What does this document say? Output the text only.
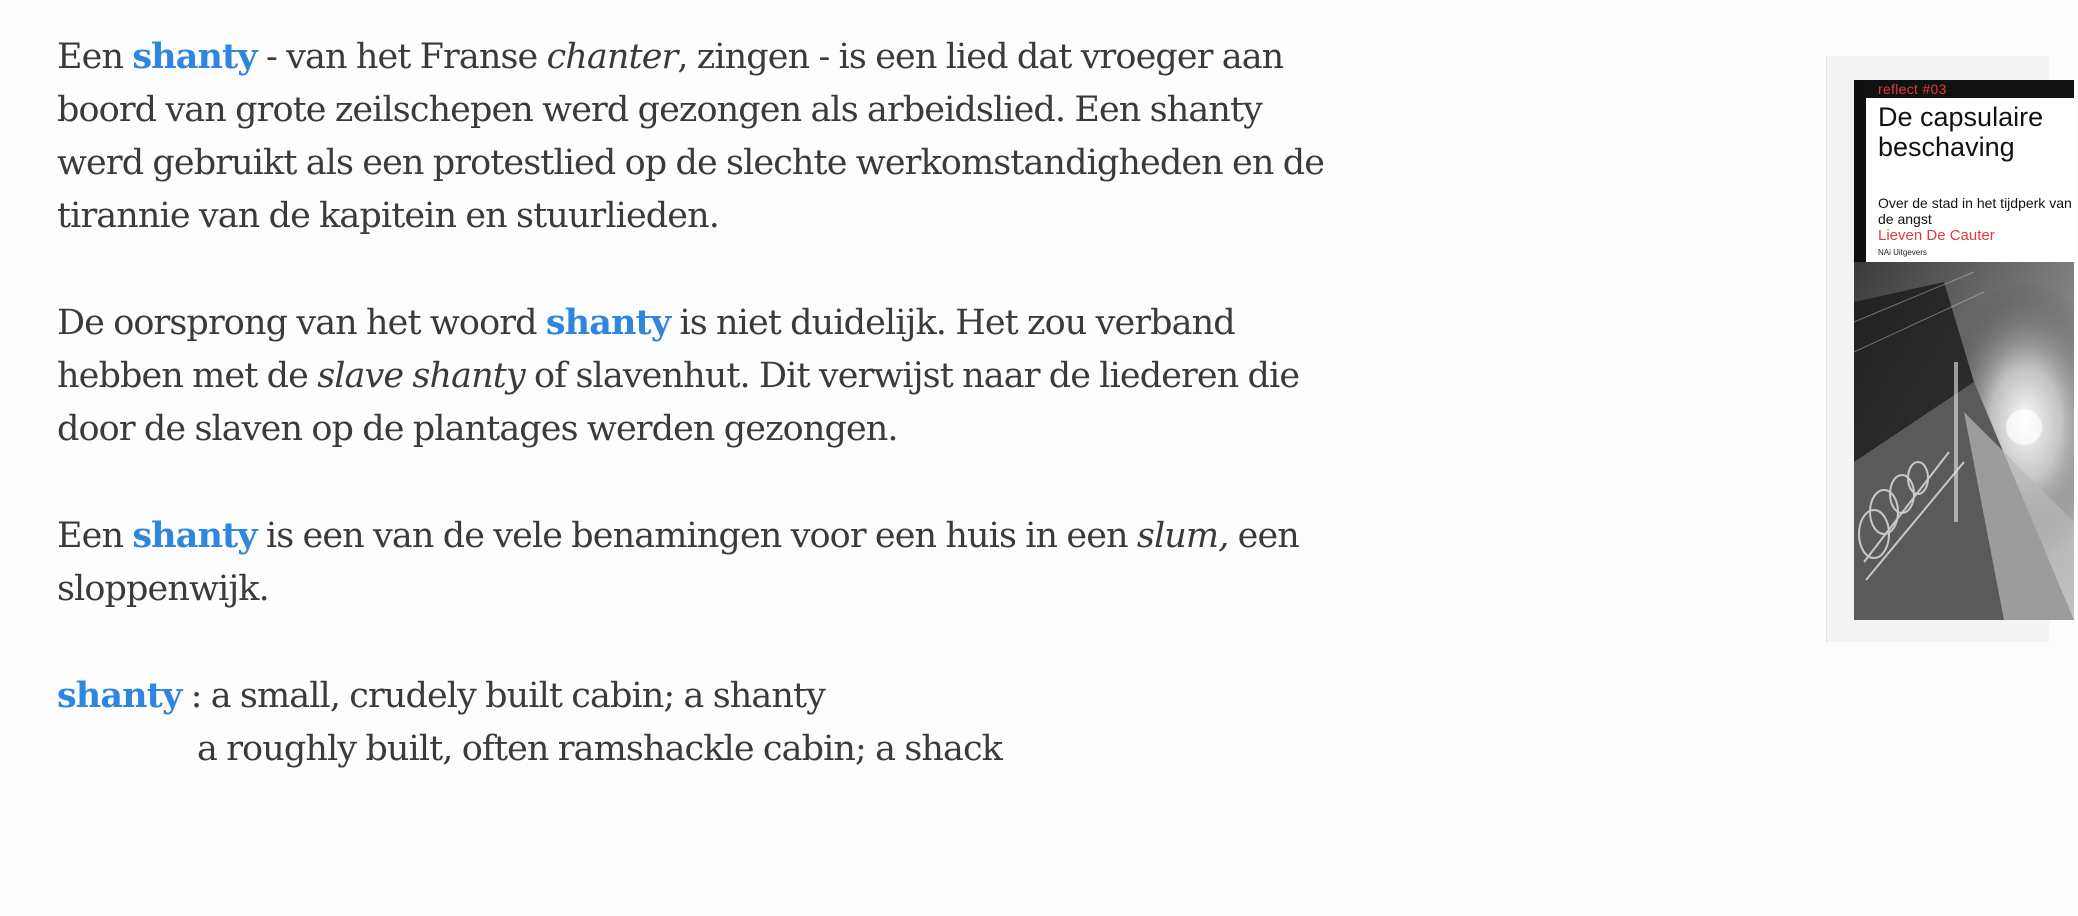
Een shanty - van het Franse chanter, zingen - is een lied dat vroeger aan boord van grote zeilschepen werd gezongen als arbeidslied. Een shanty werd gebruikt als een protestlied op de slechte werkomstandigheden en de tirannie van de kapitein en stuurlieden.

De oorsprong van het woord shanty is niet duidelijk. Het zou verband hebben met de slave shanty of slavenhut. Dit verwijst naar de liederen die door de slaven op de plantages werden gezongen.

Een shanty is een van de vele benamingen voor een huis in een slum, een sloppenwijk.

shanty : a small, crudely built cabin; a shanty
a roughly built, often ramshackle cabin; a shack
reflect #03
De capsulaire beschaving
Over de stad in het tijdperk van de angst
Lieven De Cauter
NAi Uitgevers
